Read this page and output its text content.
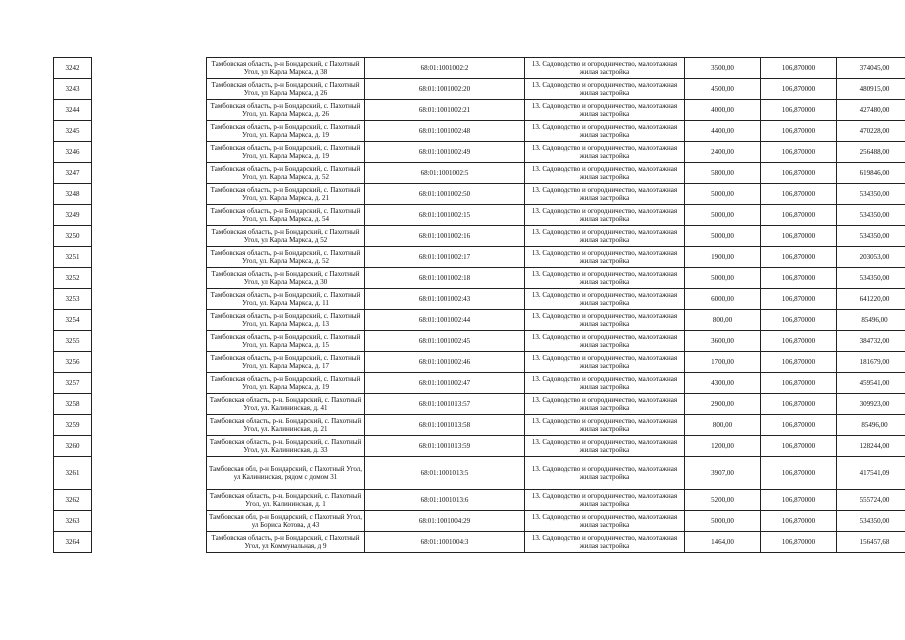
3242		Тамбовская область, р-н Бондарский, с Пахотный Угол, ул Карла Маркса, д 38	68:01:1001002:2	13. Садоводство и огородничество, малоэтажная жилая застройка	3500,00	106,870000	374045,00
3243		Тамбовская область, р-н Бондарский, с Пахотный Угол, ул Карла Маркса, д 26	68:01:1001002:20	13. Садоводство и огородничество, малоэтажная жилая застройка	4500,00	106,870000	480915,00
3244		Тамбовская область, р-н Бондарский, с. Пахотный Угол, ул. Карла Маркса, д. 26	68:01:1001002:21	13. Садоводство и огородничество, малоэтажная жилая застройка	4000,00	106,870000	427480,00
3245		Тамбовская область, р-н Бондарский, с. Пахотный Угол, ул. Карла Маркса, д. 19	68:01:1001002:48	13. Садоводство и огородничество, малоэтажная жилая застройка	4400,00	106,870000	470228,00
3246		Тамбовская область, р-н Бондарский, с. Пахотный Угол, ул. Карла Маркса, д. 19	68:01:1001002:49	13. Садоводство и огородничество, малоэтажная жилая застройка	2400,00	106,870000	256488,00
3247		Тамбовская область, р-н Бондарский, с. Пахотный Угол, ул. Карла Маркса, д. 52	68:01:1001002:5	13. Садоводство и огородничество, малоэтажная жилая застройка	5800,00	106,870000	619846,00
3248		Тамбовская область, р-н Бондарский, с. Пахотный Угол, ул. Карла Маркса, д. 21	68:01:1001002:50	13. Садоводство и огородничество, малоэтажная жилая застройка	5000,00	106,870000	534350,00
3249		Тамбовская область, р-н Бондарский, с. Пахотный Угол, ул. Карла Маркса, д. 54	68:01:1001002:15	13. Садоводство и огородничество, малоэтажная жилая застройка	5000,00	106,870000	534350,00
3250		Тамбовская область, р-н Бондарский, с Пахотный Угол, ул Карла Маркса, д 52	68:01:1001002:16	13. Садоводство и огородничество, малоэтажная жилая застройка	5000,00	106,870000	534350,00
3251		Тамбовская область, р-н Бондарский, с. Пахотный Угол, ул. Карла Маркса, д. 52	68:01:1001002:17	13. Садоводство и огородничество, малоэтажная жилая застройка	1900,00	106,870000	203053,00
3252		Тамбовская область, р-н Бондарский, с Пахотный Угол, ул Карла Маркса, д 30	68:01:1001002:18	13. Садоводство и огородничество, малоэтажная жилая застройка	5000,00	106,870000	534350,00
3253		Тамбовская область, р-н Бондарский, с. Пахотный Угол, ул. Карла Маркса, д. 11	68:01:1001002:43	13. Садоводство и огородничество, малоэтажная жилая застройка	6000,00	106,870000	641220,00
3254		Тамбовская область, р-н Бондарский, с. Пахотный Угол, ул. Карла Маркса, д. 13	68:01:1001002:44	13. Садоводство и огородничество, малоэтажная жилая застройка	800,00	106,870000	85496,00
3255		Тамбовская область, р-н Бондарский, с. Пахотный Угол, ул. Карла Маркса, д. 15	68:01:1001002:45	13. Садоводство и огородничество, малоэтажная жилая застройка	3600,00	106,870000	384732,00
3256		Тамбовская область, р-н Бондарский, с. Пахотный Угол, ул. Карла Маркса, д. 17	68:01:1001002:46	13. Садоводство и огородничество, малоэтажная жилая застройка	1700,00	106,870000	181679,00
3257		Тамбовская область, р-н Бондарский, с. Пахотный Угол, ул. Карла Маркса, д. 19	68:01:1001002:47	13. Садоводство и огородничество, малоэтажная жилая застройка	4300,00	106,870000	459541,00
3258		Тамбовская область, р-н. Бондарский, с. Пахотный Угол, ул. Калининская, д. 41	68:01:1001013:57	13. Садоводство и огородничество, малоэтажная жилая застройка	2900,00	106,870000	309923,00
3259		Тамбовская область, р-н. Бондарский, с. Пахотный Угол, ул. Калининская, д. 21	68:01:1001013:58	13. Садоводство и огородничество, малоэтажная жилая застройка	800,00	106,870000	85496,00
3260		Тамбовская область, р-н. Бондарский, с. Пахотный Угол, ул. Калининская, д. 33	68:01:1001013:59	13. Садоводство и огородничество, малоэтажная жилая застройка	1200,00	106,870000	128244,00
3261		Тамбовская обл, р-н Бондарский, с Пахотный Угол, ул Калининская, рядом с домом 31	68:01:1001013:5	13. Садоводство и огородничество, малоэтажная жилая застройка	3907,00	106,870000	417541,09
3262		Тамбовская область, р-н. Бондарский, с. Пахотный Угол, ул. Калининская, д. 1	68:01:1001013:6	13. Садоводство и огородничество, малоэтажная жилая застройка	5200,00	106,870000	555724,00
3263		Тамбовская обл, р-н Бондарский, с Пахотный Угол, ул Бориса Котова, д 43	68:01:1001004:29	13. Садоводство и огородничество, малоэтажная жилая застройка	5000,00	106,870000	534350,00
3264		Тамбовская область, р-н Бондарский, с Пахотный Угол, ул Коммунальная, д 9	68:01:1001004:3	13. Садоводство и огородничество, малоэтажная жилая застройка	1464,00	106,870000	156457,68
